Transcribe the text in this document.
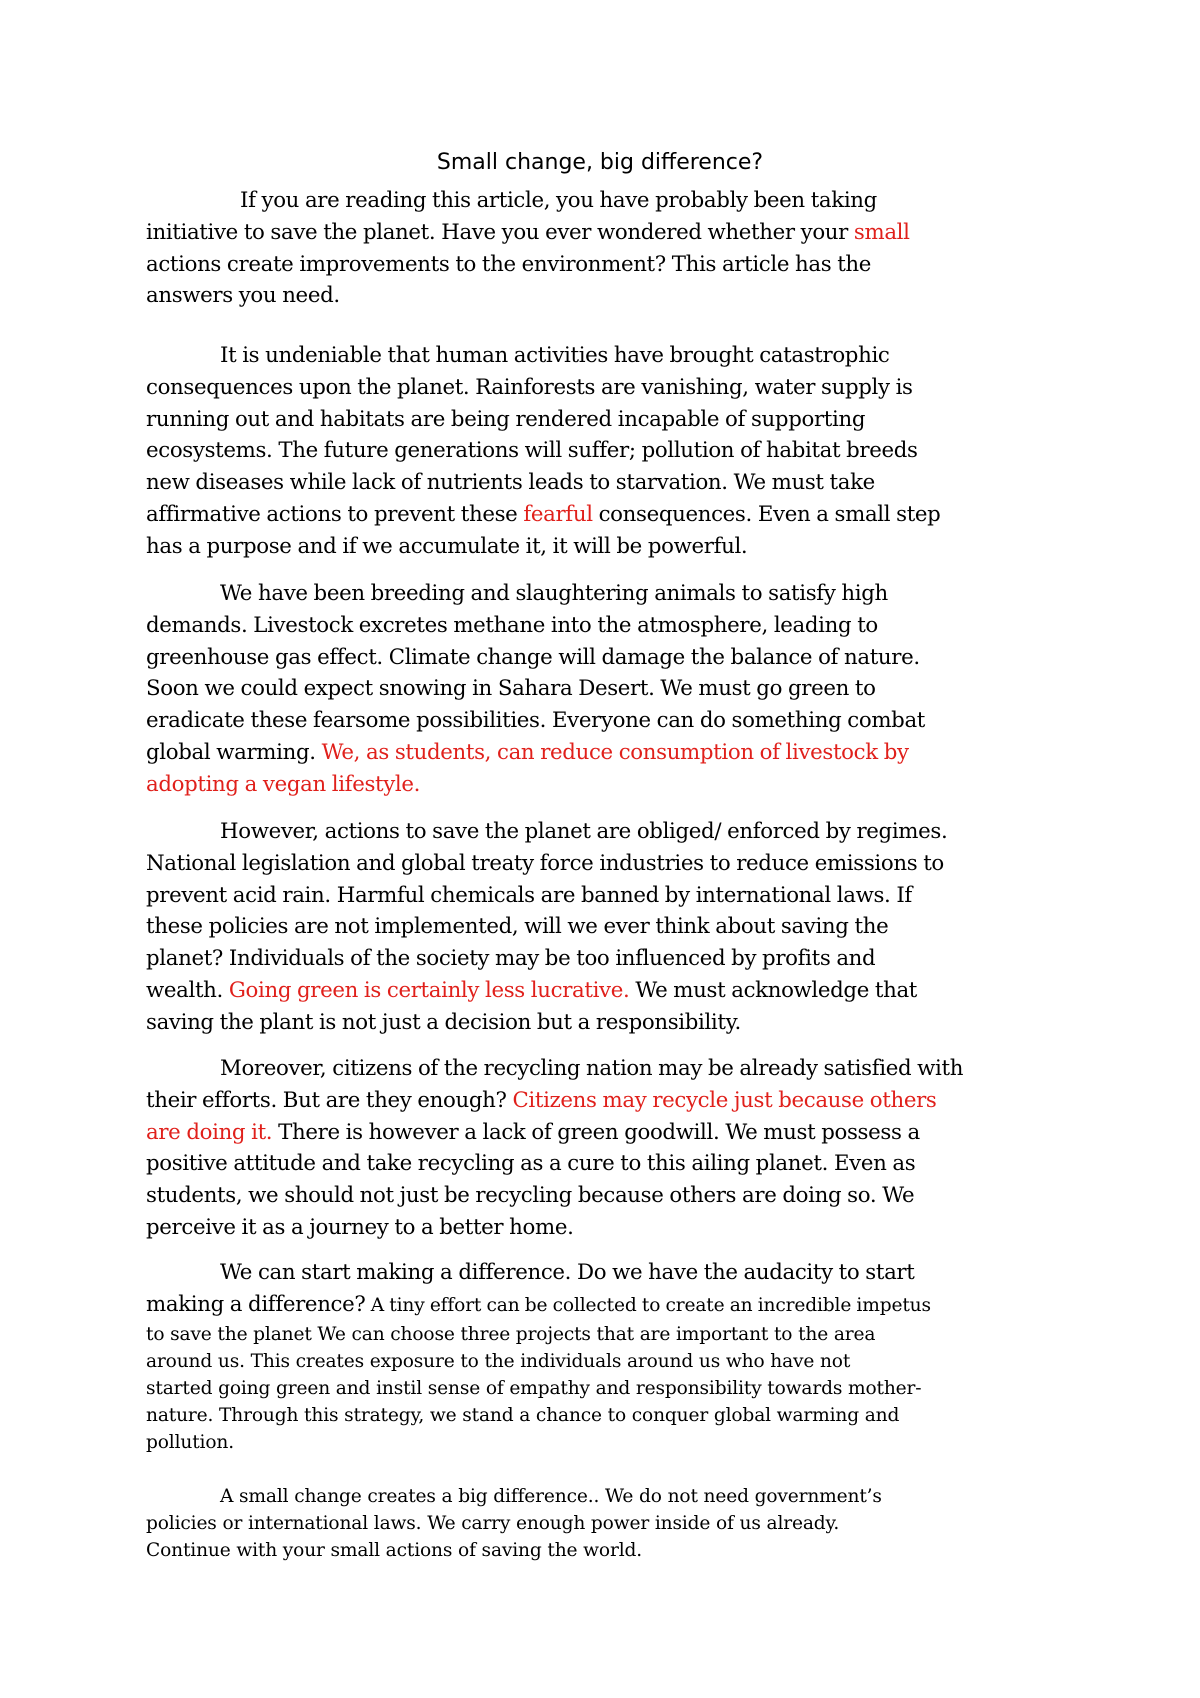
Small change, big difference?
If you are reading this article, you have probably been taking
initiative to save the planet. Have you ever wondered whether your small
actions create improvements to the environment? This article has the
answers you need.
It is undeniable that human activities have brought catastrophic
consequences upon the planet. Rainforests are vanishing, water supply is
running out and habitats are being rendered incapable of supporting
ecosystems. The future generations will suffer; pollution of habitat breeds
new diseases while lack of nutrients leads to starvation. We must take
affirmative actions to prevent these fearful consequences. Even a small step
has a purpose and if we accumulate it, it will be powerful.
We have been breeding and slaughtering animals to satisfy high
demands. Livestock excretes methane into the atmosphere, leading to
greenhouse gas effect. Climate change will damage the balance of nature.
Soon we could expect snowing in Sahara Desert. We must go green to
eradicate these fearsome possibilities. Everyone can do something combat
global warming. We, as students, can reduce consumption of livestock by
adopting a vegan lifestyle.
However, actions to save the planet are obliged/ enforced by regimes.
National legislation and global treaty force industries to reduce emissions to
prevent acid rain. Harmful chemicals are banned by international laws. If
these policies are not implemented, will we ever think about saving the
planet? Individuals of the society may be too influenced by profits and
wealth. Going green is certainly less lucrative. We must acknowledge that
saving the plant is not just a decision but a responsibility.
Moreover, citizens of the recycling nation may be already satisfied with
their efforts. But are they enough? Citizens may recycle just because others
are doing it. There is however a lack of green goodwill. We must possess a
positive attitude and take recycling as a cure to this ailing planet. Even as
students, we should not just be recycling because others are doing so. We
perceive it as a journey to a better home.
We can start making a difference. Do we have the audacity to start
making a difference? A tiny effort can be collected to create an incredible impetus
to save the planet We can choose three projects that are important to the area
around us. This creates exposure to the individuals around us who have not
started going green and instil sense of empathy and responsibility towards mother-
nature. Through this strategy, we stand a chance to conquer global warming and
pollution.
A small change creates a big difference.. We do not need government’s
policies or international laws. We carry enough power inside of us already.
Continue with your small actions of saving the world.
